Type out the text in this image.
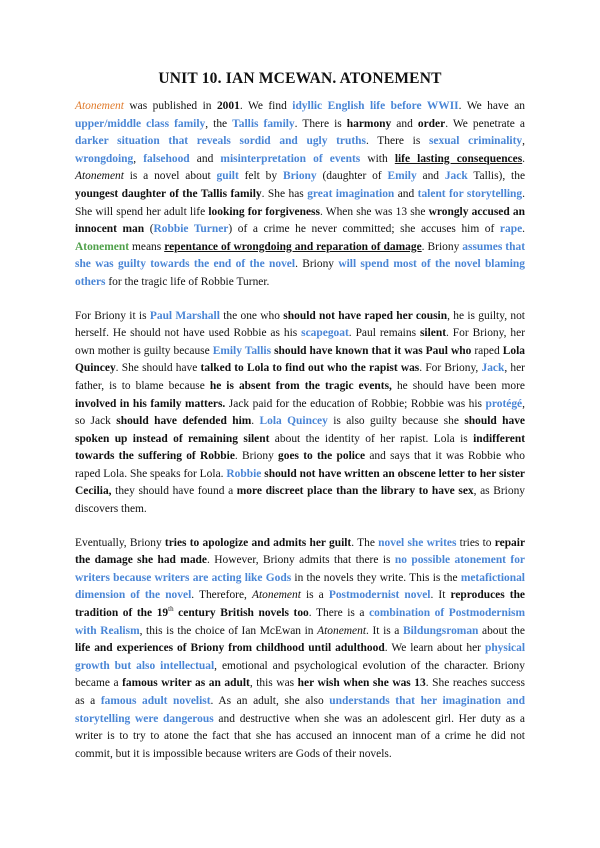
UNIT 10. IAN MCEWAN. ATONEMENT

Atonement was published in 2001. We find idyllic English life before WWII. We have an upper/middle class family, the Tallis family. There is harmony and order. We penetrate a darker situation that reveals sordid and ugly truths. There is sexual criminality, wrongdoing, falsehood and misinterpretation of events with life lasting consequences. Atonement is a novel about guilt felt by Briony (daughter of Emily and Jack Tallis), the youngest daughter of the Tallis family. She has great imagination and talent for storytelling. She will spend her adult life looking for forgiveness. When she was 13 she wrongly accused an innocent man (Robbie Turner) of a crime he never committed; she accuses him of rape. Atonement means repentance of wrongdoing and reparation of damage. Briony assumes that she was guilty towards the end of the novel. Briony will spend most of the novel blaming others for the tragic life of Robbie Turner.

For Briony it is Paul Marshall the one who should not have raped her cousin, he is guilty, not herself. He should not have used Robbie as his scapegoat. Paul remains silent. For Briony, her own mother is guilty because Emily Tallis should have known that it was Paul who raped Lola Quincey. She should have talked to Lola to find out who the rapist was. For Briony, Jack, her father, is to blame because he is absent from the tragic events, he should have been more involved in his family matters. Jack paid for the education of Robbie; Robbie was his protégé, so Jack should have defended him. Lola Quincey is also guilty because she should have spoken up instead of remaining silent about the identity of her rapist. Lola is indifferent towards the suffering of Robbie. Briony goes to the police and says that it was Robbie who raped Lola. She speaks for Lola. Robbie should not have written an obscene letter to her sister Cecilia, they should have found a more discreet place than the library to have sex, as Briony discovers them.

Eventually, Briony tries to apologize and admits her guilt. The novel she writes tries to repair the damage she had made. However, Briony admits that there is no possible atonement for writers because writers are acting like Gods in the novels they write. This is the metafictional dimension of the novel. Therefore, Atonement is a Postmodernist novel. It reproduces the tradition of the 19th century British novels too. There is a combination of Postmodernism with Realism, this is the choice of Ian McEwan in Atonement. It is a Bildungsroman about the life and experiences of Briony from childhood until adulthood. We learn about her physical growth but also intellectual, emotional and psychological evolution of the character. Briony became a famous writer as an adult, this was her wish when she was 13. She reaches success as a famous adult novelist. As an adult, she also understands that her imagination and storytelling were dangerous and destructive when she was an adolescent girl. Her duty as a writer is to try to atone the fact that she has accused an innocent man of a crime he did not commit, but it is impossible because writers are Gods of their novels.
